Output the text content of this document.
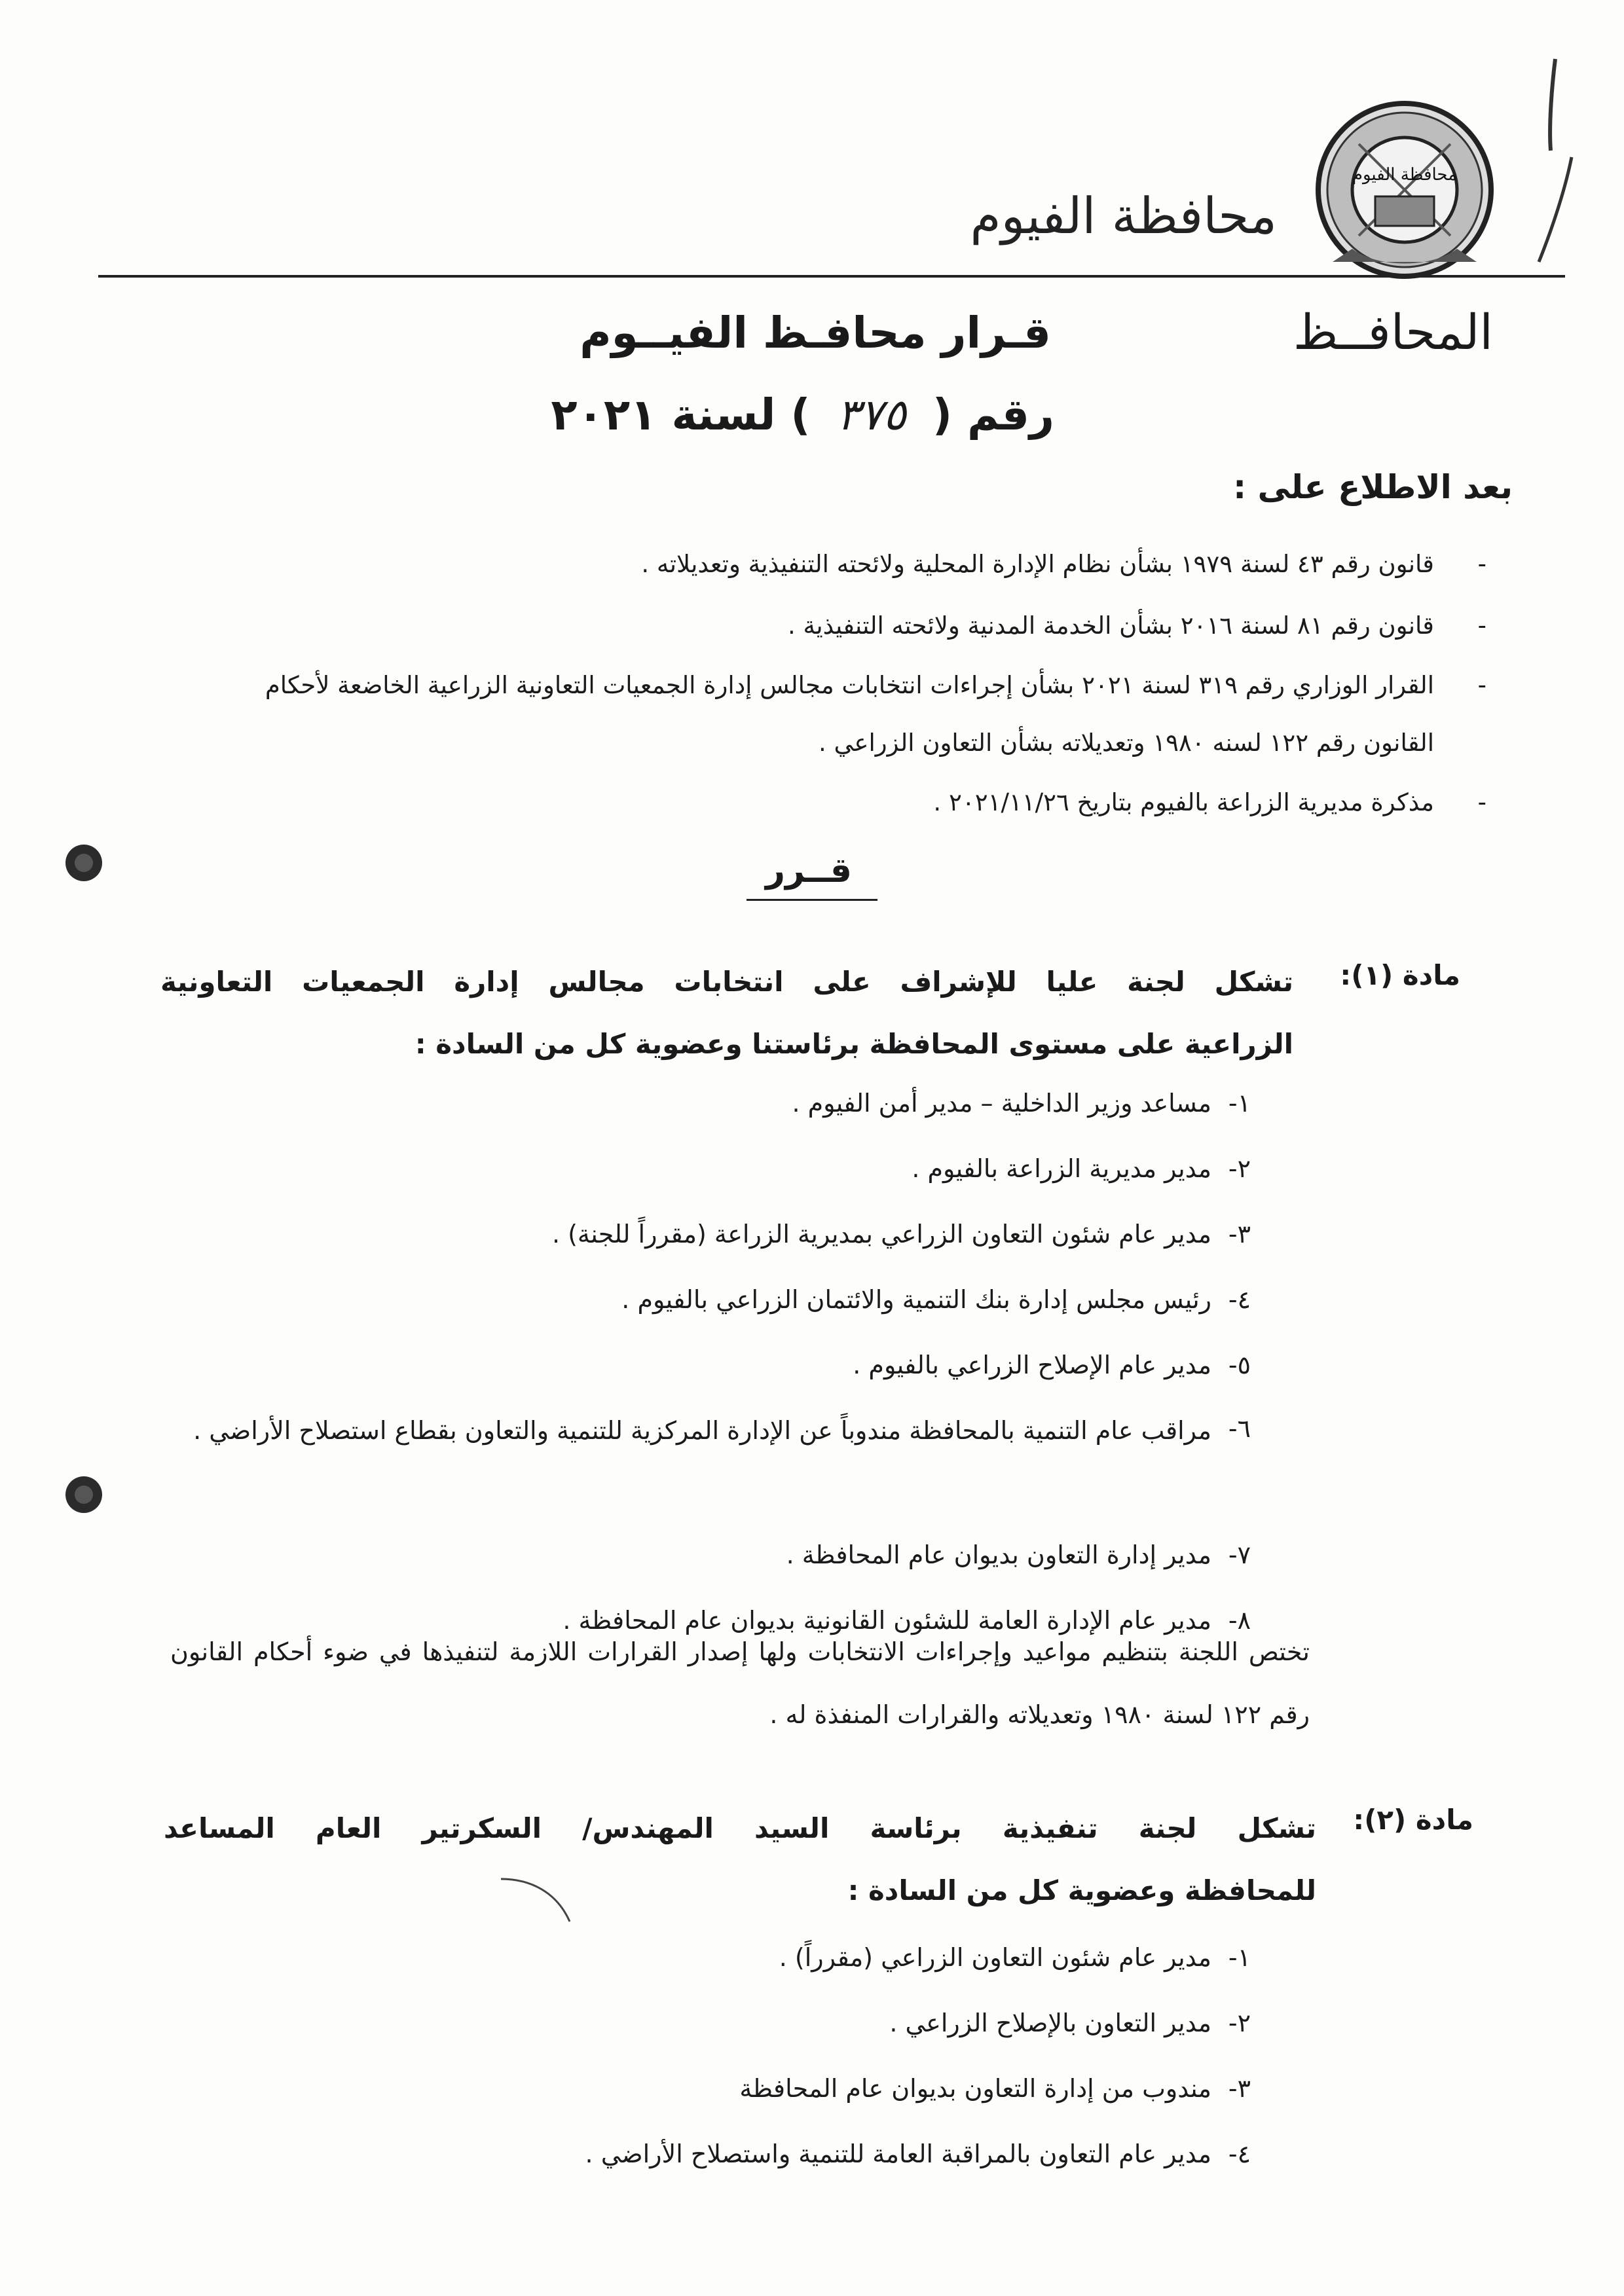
محافظة الفيوم
محافظة الفيوم
المحافــظ
قـرار محافـظ الفيــوم
رقم (٣٧٥) لسنة ٢٠٢١
بعد الاطلاع على :
-
قانون رقم ٤٣ لسنة ١٩٧٩ بشأن نظام الإدارة المحلية ولائحته التنفيذية وتعديلاته .
-
قانون رقم ٨١ لسنة ٢٠١٦ بشأن الخدمة المدنية ولائحته التنفيذية .
-
القرار الوزاري رقم ٣١٩ لسنة ٢٠٢١ بشأن إجراءات انتخابات مجالس إدارة الجمعيات التعاونية الزراعية الخاضعة لأحكام القانون رقم ١٢٢ لسنه ١٩٨٠ وتعديلاته بشأن التعاون الزراعي .
-
مذكرة مديرية الزراعة بالفيوم بتاريخ ٢٠٢١/١١/٢٦ .
قــرر
مادة (١):
تشكل لجنة عليا للإشراف على انتخابات مجالس إدارة الجمعيات التعاونية
الزراعية على مستوى المحافظة برئاستنا وعضوية كل من السادة :
١-
مساعد وزير الداخلية – مدير أمن الفيوم .
٢-
مدير مديرية الزراعة بالفيوم .
٣-
مدير عام شئون التعاون الزراعي بمديرية الزراعة (مقرراً للجنة) .
٤-
رئيس مجلس إدارة بنك التنمية والائتمان الزراعي بالفيوم .
٥-
مدير عام الإصلاح الزراعي بالفيوم .
٦-
مراقب عام التنمية بالمحافظة مندوباً عن الإدارة المركزية للتنمية والتعاون بقطاع استصلاح الأراضي .
٧-
مدير إدارة التعاون بديوان عام المحافظة .
٨-
مدير عام الإدارة العامة للشئون القانونية بديوان عام المحافظة .
تختص اللجنة بتنظيم مواعيد وإجراءات الانتخابات ولها إصدار القرارات اللازمة لتنفيذها في ضوء أحكام القانون رقم ١٢٢ لسنة ١٩٨٠ وتعديلاته والقرارات المنفذة له .
مادة (٢):
تشكل لجنة تنفيذية برئاسة السيد المهندس/ السكرتير العام المساعد
للمحافظة وعضوية كل من السادة :
١-
مدير عام شئون التعاون الزراعي (مقرراً) .
٢-
مدير التعاون بالإصلاح الزراعي .
٣-
مندوب من إدارة التعاون بديوان عام المحافظة
٤-
مدير عام التعاون بالمراقبة العامة للتنمية واستصلاح الأراضي .
